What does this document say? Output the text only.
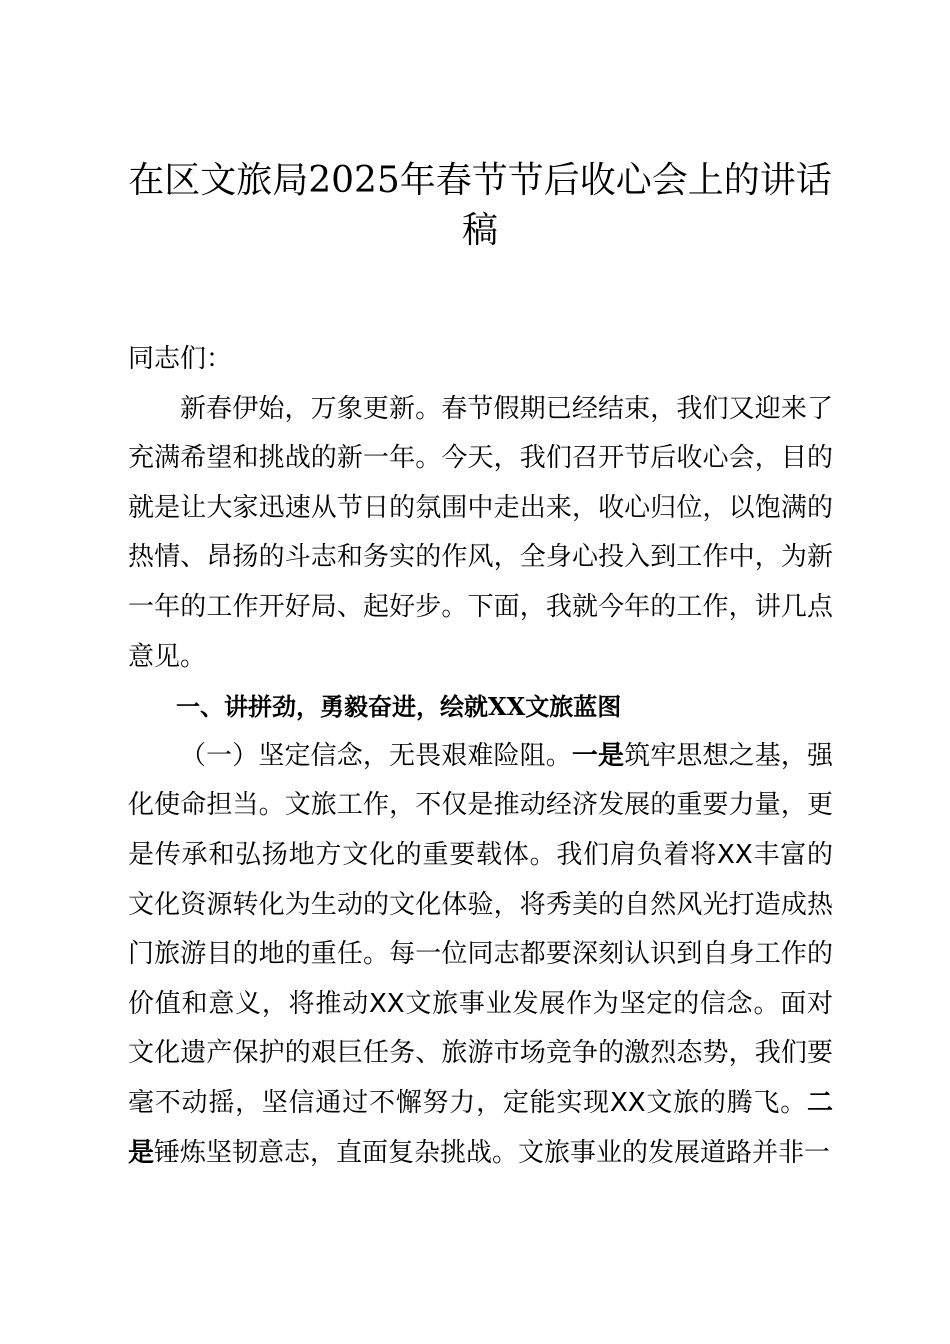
在区文旅局2025年春节节后收心会上的讲话稿

同志们：

新春伊始，万象更新。春节假期已经结束，我们又迎来了充满希望和挑战的新一年。今天，我们召开节后收心会，目的就是让大家迅速从节日的氛围中走出来，收心归位，以饱满的热情、昂扬的斗志和务实的作风，全身心投入到工作中，为新一年的工作开好局、起好步。下面，我就今年的工作，讲几点意见。

一、讲拼劲，勇毅奋进，绘就XX文旅蓝图

（一）坚定信念，无畏艰难险阻。一是筑牢思想之基，强化使命担当。文旅工作，不仅是推动经济发展的重要力量，更是传承和弘扬地方文化的重要载体。我们肩负着将XX丰富的文化资源转化为生动的文化体验，将秀美的自然风光打造成热门旅游目的地的重任。每一位同志都要深刻认识到自身工作的价值和意义，将推动XX文旅事业发展作为坚定的信念。面对文化遗产保护的艰巨任务、旅游市场竞争的激烈态势，我们要毫不动摇，坚信通过不懈努力，定能实现XX文旅的腾飞。二是锤炼坚韧意志，直面复杂挑战。文旅事业的发展道路并非一
